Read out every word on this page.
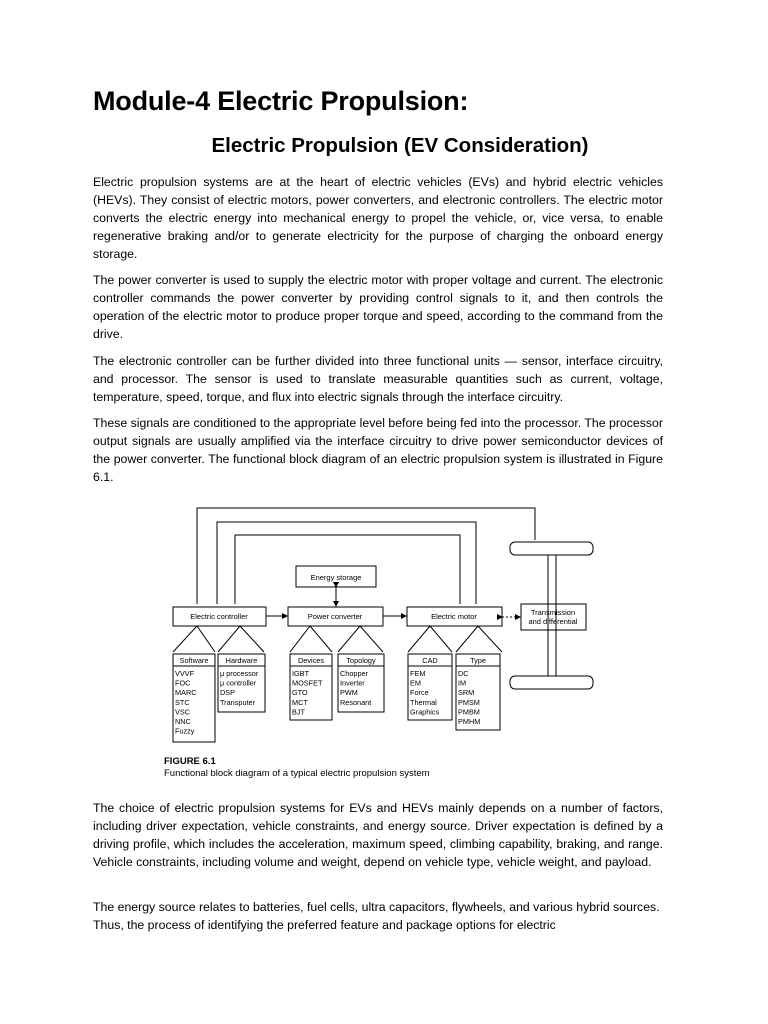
Module-4 Electric Propulsion:
Electric Propulsion (EV Consideration)

Electric propulsion systems are at the heart of electric vehicles (EVs) and hybrid electric vehicles (HEVs). They consist of electric motors, power converters, and electronic controllers. The electric motor converts the electric energy into mechanical energy to propel the vehicle, or, vice versa, to enable regenerative braking and/or to generate electricity for the purpose of charging the onboard energy storage.

The power converter is used to supply the electric motor with proper voltage and current. The electronic controller commands the power converter by providing control signals to it, and then controls the operation of the electric motor to produce proper torque and speed, according to the command from the drive.

The electronic controller can be further divided into three functional units — sensor, interface circuitry, and processor. The sensor is used to translate measurable quantities such as current, voltage, temperature, speed, torque, and flux into electric signals through the interface circuitry.

These signals are conditioned to the appropriate level before being fed into the processor. The processor output signals are usually amplified via the interface circuitry to drive power semiconductor devices of the power converter. The functional block diagram of an electric propulsion system is illustrated in Figure 6.1.

Energy storage
Electric controller	Power converter	Electric motor	Transmission
and differential
Software
VVVF
FOC
MARC
STC
VSC
NNC
Fuzzy
Hardware
μ processor
μ controller
DSP
Transputer
Devices
IGBT
MOSFET
GTO
MCT
BJT
Topology
Chopper
Inverter
PWM
Resonant
CAD
FEM
EM
Force
Thermal
Graphics
Type
DC
IM
SRM
PMSM
PMBM
PMHM
FIGURE 6.1
Functional block diagram of a typical electric propulsion system

The choice of electric propulsion systems for EVs and HEVs mainly depends on a number of factors, including driver expectation, vehicle constraints, and energy source. Driver expectation is defined by a driving profile, which includes the acceleration, maximum speed, climbing capability, braking, and range. Vehicle constraints, including volume and weight, depend on vehicle type, vehicle weight, and payload.

The energy source relates to batteries, fuel cells, ultra capacitors, flywheels, and various hybrid sources. Thus, the process of identifying the preferred feature and package options for electric
